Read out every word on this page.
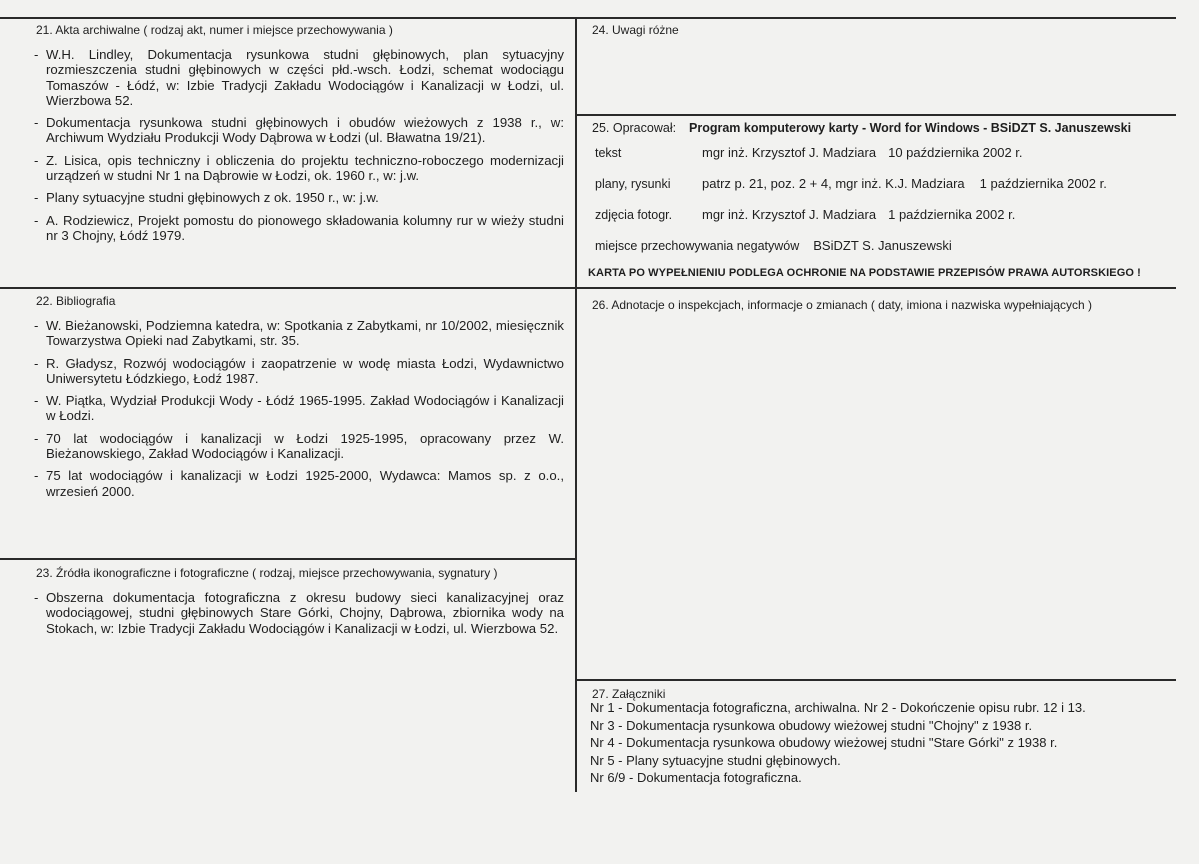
21. Akta archiwalne ( rodzaj akt, numer i miejsce przechowywania )
- W.H. Lindley, Dokumentacja rysunkowa studni głębinowych, plan sytuacyjny rozmieszczenia studni głębinowych w części płd.-wsch. Łodzi, schemat wodociągu Tomaszów - Łódź, w: Izbie Tradycji Zakładu Wodociągów i Kanalizacji w Łodzi, ul. Wierzbowa 52.
- Dokumentacja rysunkowa studni głębinowych i obudów wieżowych z 1938 r., w: Archiwum Wydziału Produkcji Wody Dąbrowa w Łodzi (ul. Bławatna 19/21).
- Z. Lisica, opis techniczny i obliczenia do projektu techniczno-roboczego modernizacji urządzeń w studni Nr 1 na Dąbrowie w Łodzi, ok. 1960 r., w: j.w.
- Plany sytuacyjne studni głębinowych z ok. 1950 r., w: j.w.
- A. Rodziewicz, Projekt pomostu do pionowego składowania kolumny rur w wieży studni nr 3 Chojny, Łódź 1979.
22. Bibliografia
- W. Bieżanowski, Podziemna katedra, w: Spotkania z Zabytkami, nr 10/2002, miesięcznik Towarzystwa Opieki nad Zabytkami, str. 35.
- R. Gładysz, Rozwój wodociągów i zaopatrzenie w wodę miasta Łodzi, Wydawnictwo Uniwersytetu Łódzkiego, Łodź 1987.
- W. Piątka, Wydział Produkcji Wody - Łódź 1965-1995. Zakład Wodociągów i Kanalizacji w Łodzi.
- 70 lat wodociągów i kanalizacji w Łodzi 1925-1995, opracowany przez W. Bieżanowskiego, Zakład Wodociągów i Kanalizacji.
- 75 lat wodociągów i kanalizacji w Łodzi 1925-2000, Wydawca: Mamos sp. z o.o., wrzesień 2000.
23. Źródła ikonograficzne i fotograficzne ( rodzaj, miejsce przechowywania, sygnatury )
- Obszerna dokumentacja fotograficzna z okresu budowy sieci kanalizacyjnej oraz wodociągowej, studni głębinowych Stare Górki, Chojny, Dąbrowa, zbiornika wody na Stokach, w: Izbie Tradycji Zakładu Wodociągów i Kanalizacji w Łodzi, ul. Wierzbowa 52.
24. Uwagi różne
25. Opracował: Program komputerowy karty - Word for Windows - BSiDZT S. Januszewski
tekst	mgr inż. Krzysztof J. Madziara 10 października 2002 r.
plany, rysunki patrz p. 21, poz. 2 + 4, mgr inż. K.J. Madziara 1 października 2002 r.
zdjęcia fotogr. mgr inż. Krzysztof J. Madziara 1 października 2002 r.
miejsce przechowywania negatywów BSiDZT S. Januszewski
KARTA PO WYPEŁNIENIU PODLEGA OCHRONIE NA PODSTAWIE PRZEPISÓW PRAWA AUTORSKIEGO !
26. Adnotacje o inspekcjach, informacje o zmianach ( daty, imiona i nazwiska wypełniających )
27. Załączniki
Nr 1 - Dokumentacja fotograficzna, archiwalna. Nr 2 - Dokończenie opisu rubr. 12 i 13.
Nr 3 - Dokumentacja rysunkowa obudowy wieżowej studni "Chojny" z 1938 r.
Nr 4 - Dokumentacja rysunkowa obudowy wieżowej studni "Stare Górki" z 1938 r.
Nr 5 - Plany sytuacyjne studni głębinowych.
Nr 6/9 - Dokumentacja fotograficzna.
